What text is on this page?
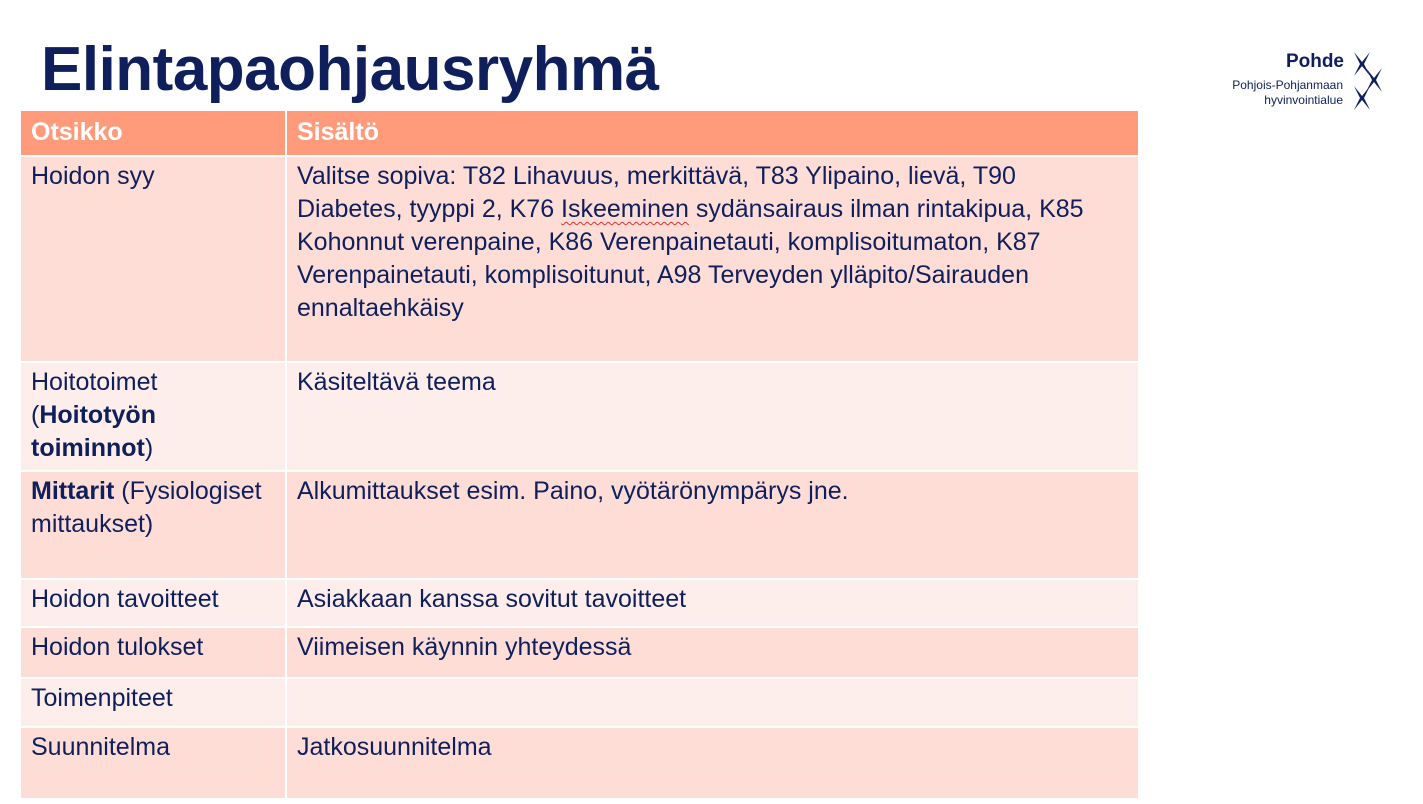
Elintapaohjausryhmä	Pohde
Pohjois-Pohjanmaan
hyvinvointialue
Otsikko	Sisältö
Hoidon syy	Valitse sopiva: T82 Lihavuus, merkittävä, T83 Ylipaino, lievä, T90 Diabetes, tyyppi 2, K76 Iskeeminen sydänsairaus ilman rintakipua, K85 Kohonnut verenpaine, K86 Verenpainetauti, komplisoitumaton, K87 Verenpainetauti, komplisoitunut, A98 Terveyden ylläpito/Sairauden ennaltaehkäisy
Hoitotoimet (Hoitotyön toiminnot)	Käsiteltävä teema
Mittarit (Fysiologiset mittaukset)	Alkumittaukset esim. Paino, vyötärönympärys jne.
Hoidon tavoitteet	Asiakkaan kanssa sovitut tavoitteet
Hoidon tulokset	Viimeisen käynnin yhteydessä
Toimenpiteet	
Suunnitelma	Jatkosuunnitelma
